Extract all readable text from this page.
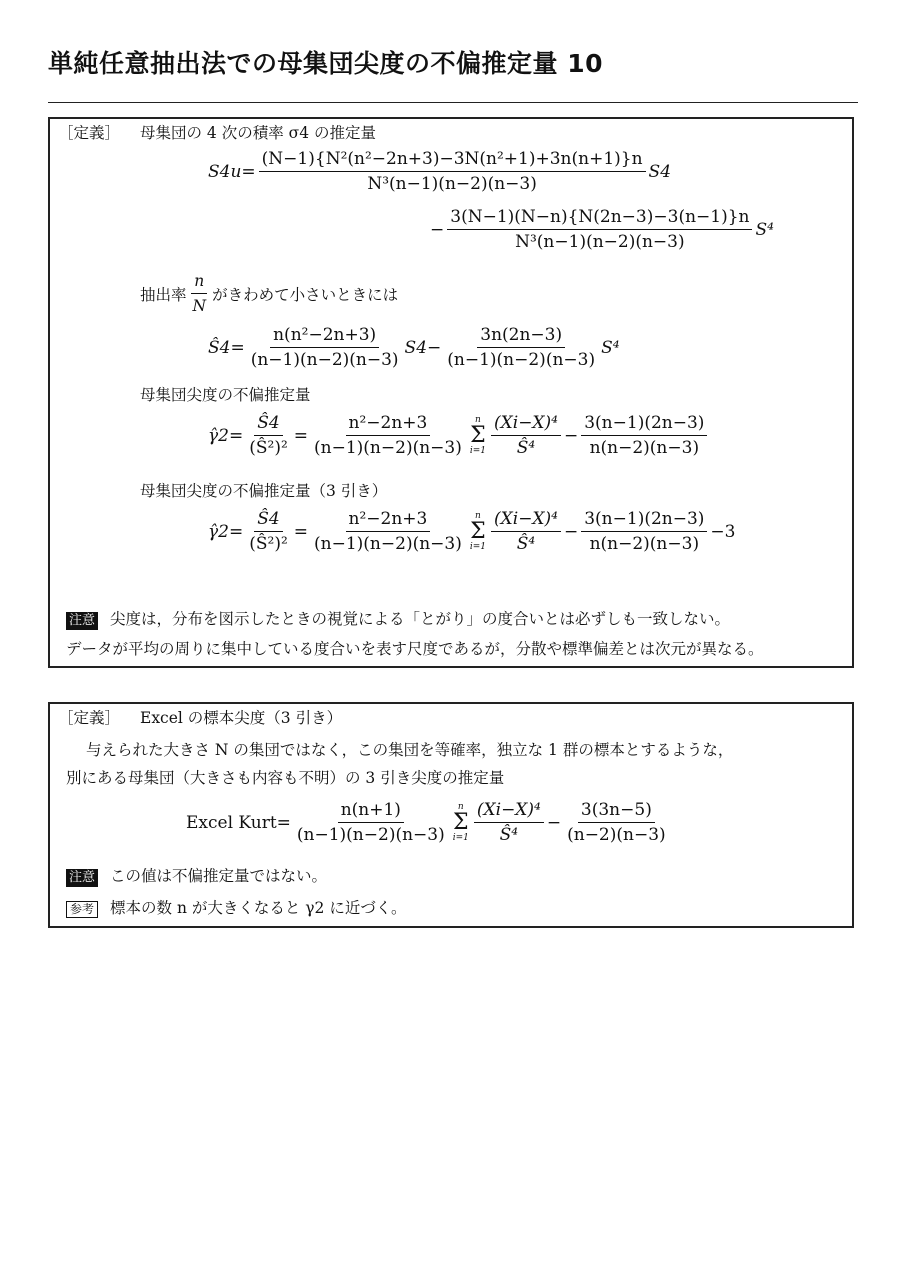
単純任意抽出法での母集団尖度の不偏推定量 10
［定義］ 母集団の 4 次の積率 σ4 の推定量
$S4u = \frac{\text{(N−1)\{N²(n²−2n+3)−3N(n²+1)+3n(n+1)\}n}}{\text{N³(n−1)(n−2)(n−3)}} S4$
− $\frac{3(N-1)(N-n)\{N(2n-3)-3(n-1)\}n}{\text{N³(n−1)(n−2)(n−3)}} S^4$
抽出率 $\frac{n}{N}$ がきわめて小さいときには
Ŝ4 = $\frac{\text{n(n²−2n+3)}}{(n-1)(n-2)(n-3)} S4 - \frac{3n(2n-3)}{(n-1)(n-2)(n-3)} S^4$
母集団尖度の不偏推定量
γ̂2 = $\frac{Ŝ4}{\text{(Ŝ²)²}} = \frac{\text{n²−2n+3}}{(n-1)(n-2)(n-3)}$ n
Σ
$i=1 \frac{\text{(Xi−X)⁴}}{\text{Ŝ⁴}} - \frac{3(n-1)(2n-3)}{n(n-2)(n-3)}$
母集団尖度の不偏推定量（3 引き）
γ̂2 = $\frac{Ŝ4}{\text{(Ŝ²)²}} = \frac{\text{n²−2n+3}}{(n-1)(n-2)(n-3)}$ n
Σ
$i=1 \frac{\text{(Xi−X)⁴}}{\text{Ŝ⁴}} - \frac{3(n-1)(2n-3)}{n(n-2)(n-3)} -3$
注意 尖度は，分布を図示したときの視覚による「とがり」の度合いとは必ずしも一致しない。
データが平均の周りに集中している度合いを表す尺度であるが，分散や標準偏差とは次元が異なる。
［定義］ Excel の標本尖度（3 引き）
与えられた大きさ N の集団ではなく，この集団を等確率，独立な 1 群の標本とするような，
別にある母集団（大きさも内容も不明）の 3 引き尖度の推定量
Excel Kurt = $\frac{n(n+1)}{(n-1)(n-2)(n-3)}$ n
Σ
$i=1 \frac{\text{(Xi−X)⁴}}{\text{Ŝ⁴}} - \frac{3(3n-5)}{(n-2)(n-3)}$
注意 この値は不偏推定量ではない。
参考 標本の数 n が大きくなると γ2 に近づく。
